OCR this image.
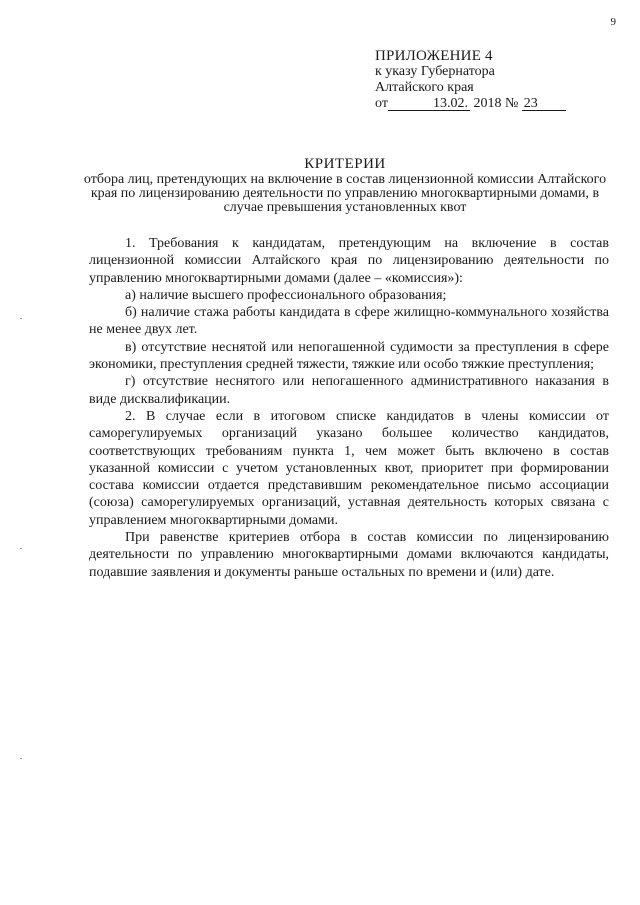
9
ПРИЛОЖЕНИЕ 4
к указу Губернатора
Алтайского края
от	13.02. 2018 № 23
КРИТЕРИИ
отбора лиц, претендующих на включение в состав лицензионной комиссии Алтайского края по лицензированию деятельности по управлению многоквартирными домами, в случае превышения установленных квот

1. Требования к кандидатам, претендующим на включение в состав лицензионной комиссии Алтайского края по лицензированию деятельности по управлению многоквартирными домами (далее – «комиссия»):

а) наличие высшего профессионального образования;

б) наличие стажа работы кандидата в сфере жилищно-коммунального хозяйства не менее двух лет.

в) отсутствие неснятой или непогашенной судимости за преступления в сфере экономики, преступления средней тяжести, тяжкие или особо тяжкие преступления;

г) отсутствие неснятого или непогашенного административного наказания в виде дисквалификации.

2. В случае если в итоговом списке кандидатов в члены комиссии от саморегулируемых организаций указано большее количество кандидатов, соответствующих требованиям пункта 1, чем может быть включено в состав указанной комиссии с учетом установленных квот, приоритет при формировании состава комиссии отдается представившим рекомендательное письмо ассоциации (союза) саморегулируемых организаций, уставная деятельность которых связана с управлением многоквартирными домами.

При равенстве критериев отбора в состав комиссии по лицензированию деятельности по управлению многоквартирными домами включаются кандидаты, подавшие заявления и документы раньше остальных по времени и (или) дате.
